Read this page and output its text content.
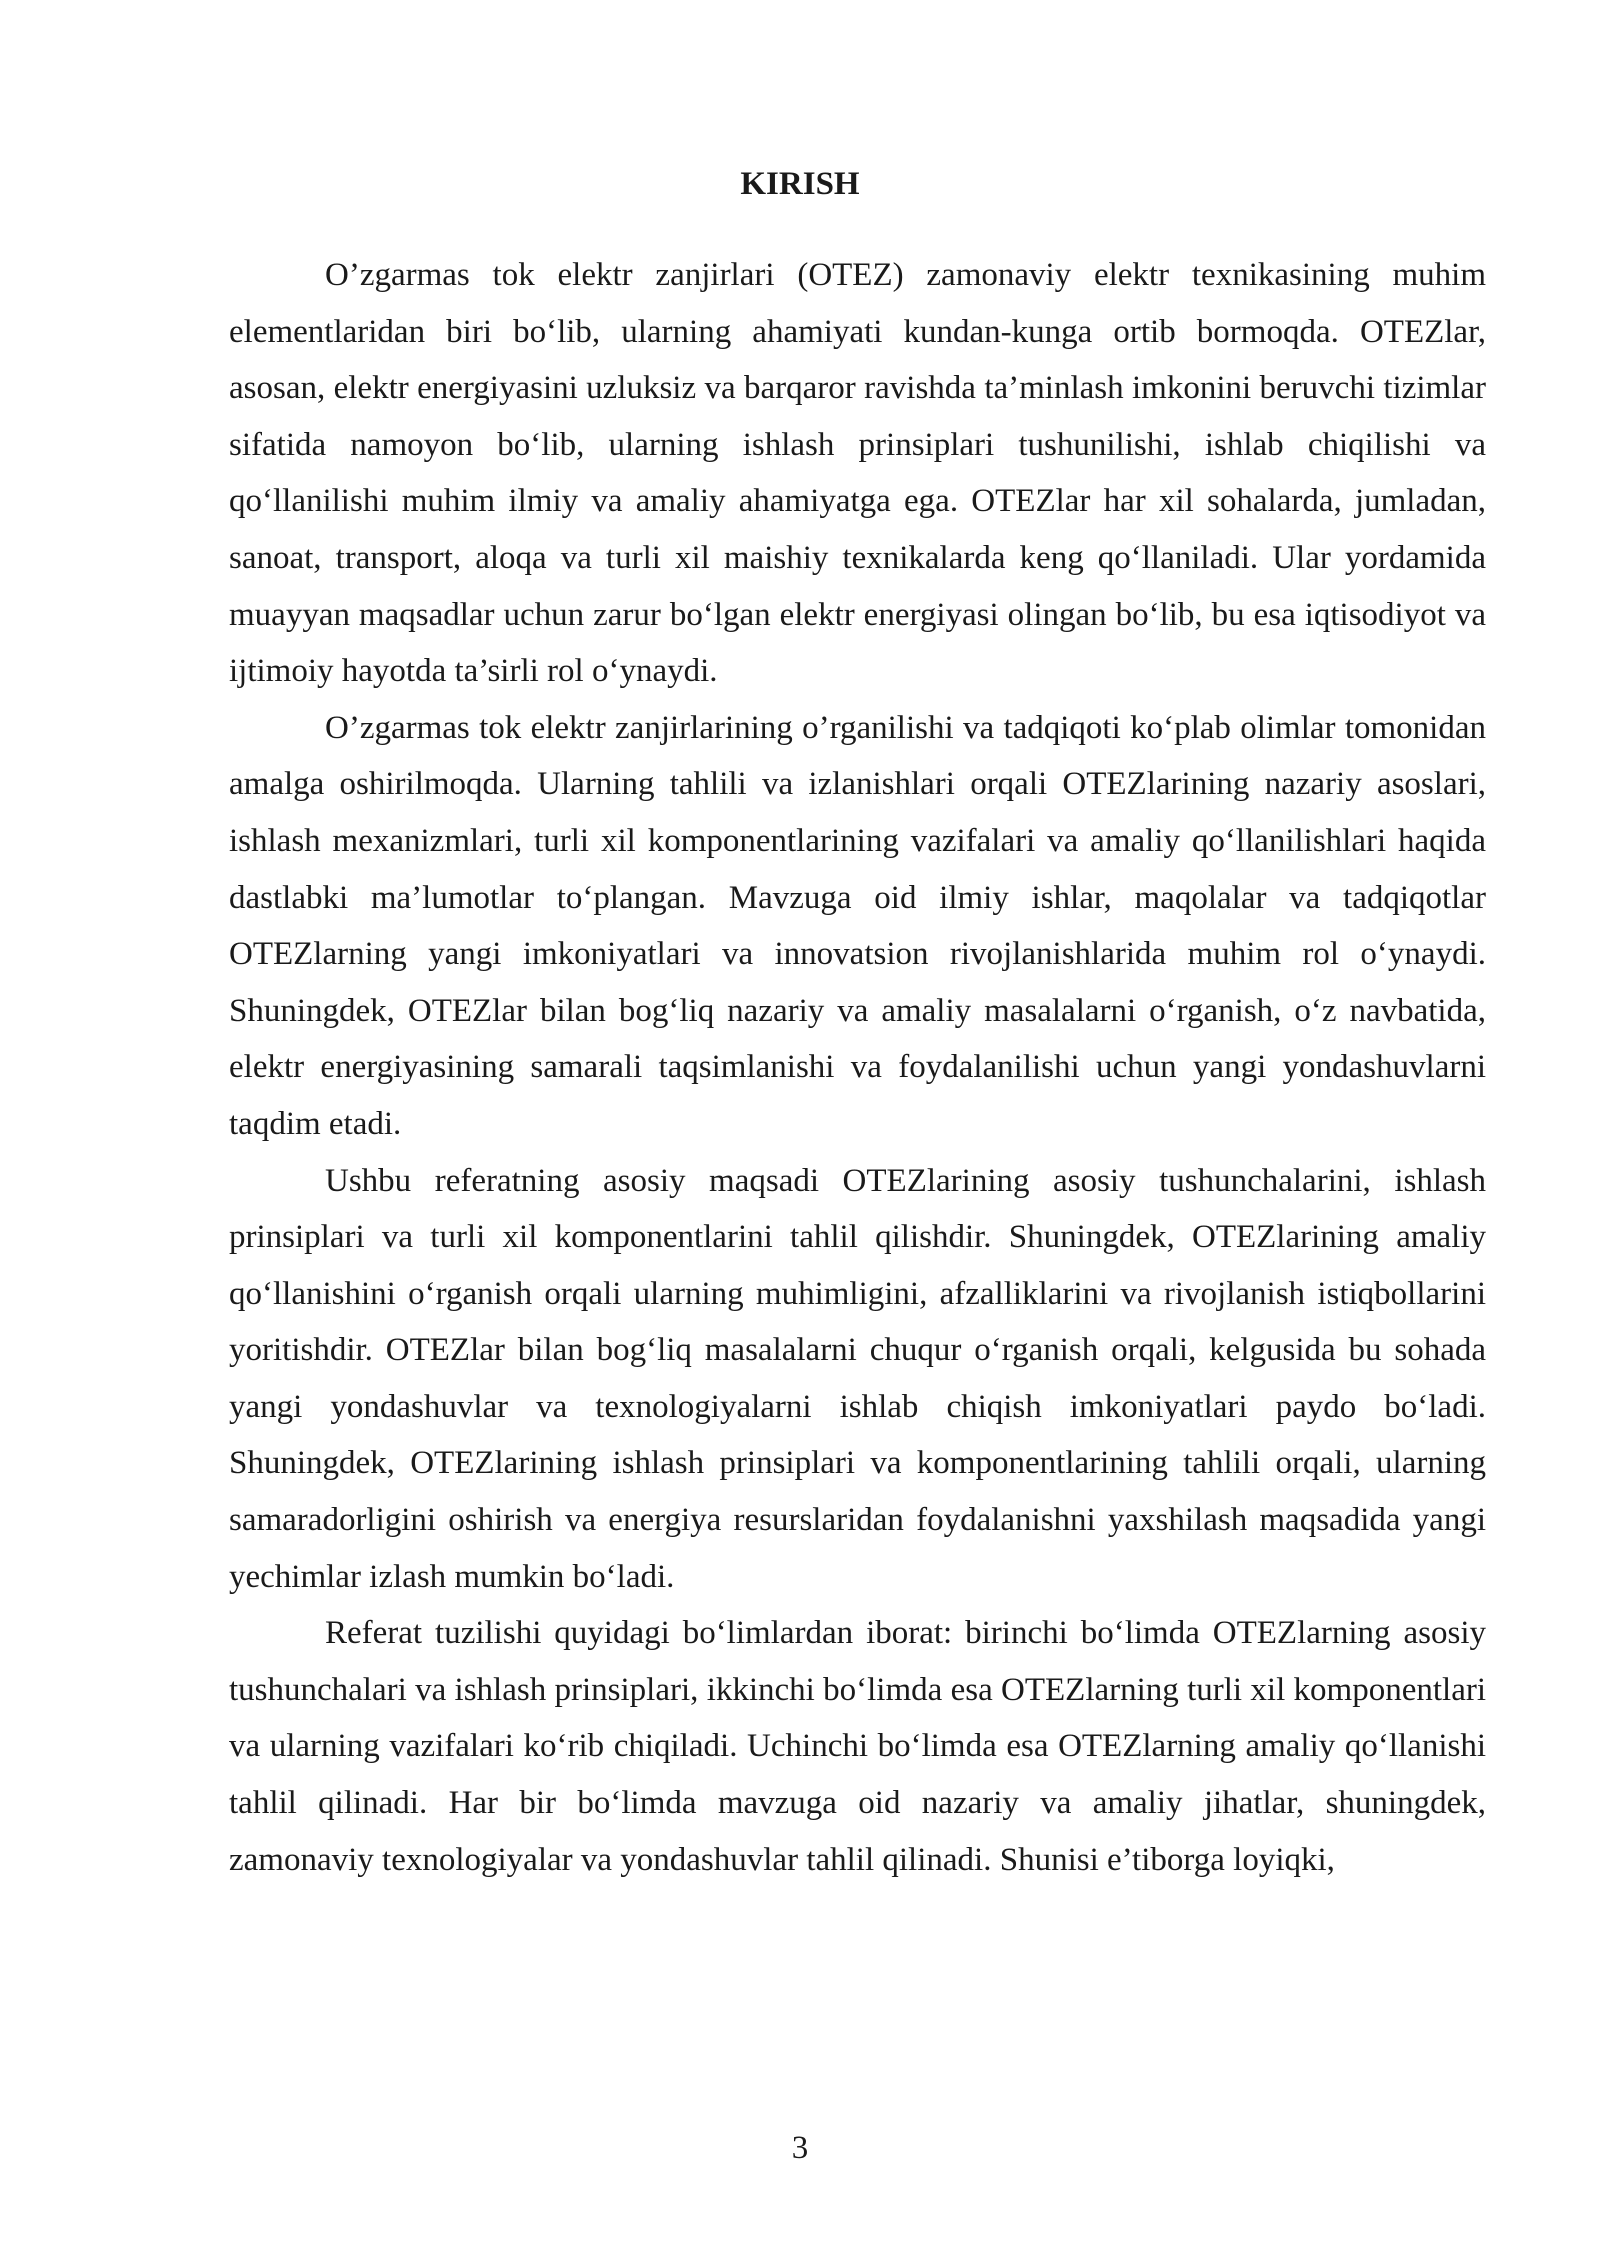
KIRISH

O’zgarmas tok elektr zanjirlari (OTEZ) zamonaviy elektr texnikasining muhim elementlaridan biri bo‘lib, ularning ahamiyati kundan-kunga ortib bormoqda. OTEZlar, asosan, elektr energiyasini uzluksiz va barqaror ravishda ta’minlash imkonini beruvchi tizimlar sifatida namoyon bo‘lib, ularning ishlash prinsiplari tushunilishi, ishlab chiqilishi va qo‘llanilishi muhim ilmiy va amaliy ahamiyatga ega. OTEZlar har xil sohalarda, jumladan, sanoat, transport, aloqa va turli xil maishiy texnikalarda keng qo‘llaniladi. Ular yordamida muayyan maqsadlar uchun zarur bo‘lgan elektr energiyasi olingan bo‘lib, bu esa iqtisodiyot va ijtimoiy hayotda ta’sirli rol o‘ynaydi.

O’zgarmas tok elektr zanjirlarining o’rganilishi va tadqiqoti ko‘plab olimlar tomonidan amalga oshirilmoqda. Ularning tahlili va izlanishlari orqali OTEZlarining nazariy asoslari, ishlash mexanizmlari, turli xil komponentlarining vazifalari va amaliy qo‘llanilishlari haqida dastlabki ma’lumotlar to‘plangan. Mavzuga oid ilmiy ishlar, maqolalar va tadqiqotlar OTEZlarning yangi imkoniyatlari va innovatsion rivojlanishlarida muhim rol o‘ynaydi. Shuningdek, OTEZlar bilan bog‘liq nazariy va amaliy masalalarni o‘rganish, o‘z navbatida, elektr energiyasining samarali taqsimlanishi va foydalanilishi uchun yangi yondashuvlarni taqdim etadi.

Ushbu referatning asosiy maqsadi OTEZlarining asosiy tushunchalarini, ishlash prinsiplari va turli xil komponentlarini tahlil qilishdir. Shuningdek, OTEZlarining amaliy qo‘llanishini o‘rganish orqali ularning muhimligini, afzalliklarini va rivojlanish istiqbollarini yoritishdir. OTEZlar bilan bog‘liq masalalarni chuqur o‘rganish orqali, kelgusida bu sohada yangi yondashuvlar va texnologiyalarni ishlab chiqish imkoniyatlari paydo bo‘ladi. Shuningdek, OTEZlarining ishlash prinsiplari va komponentlarining tahlili orqali, ularning samaradorligini oshirish va energiya resurslaridan foydalanishni yaxshilash maqsadida yangi yechimlar izlash mumkin bo‘ladi.

Referat tuzilishi quyidagi bo‘limlardan iborat: birinchi bo‘limda OTEZlarning asosiy tushunchalari va ishlash prinsiplari, ikkinchi bo‘limda esa OTEZlarning turli xil komponentlari va ularning vazifalari ko‘rib chiqiladi. Uchinchi bo‘limda esa OTEZlarning amaliy qo‘llanishi tahlil qilinadi. Har bir bo‘limda mavzuga oid nazariy va amaliy jihatlar, shuningdek, zamonaviy texnologiyalar va yondashuvlar tahlil qilinadi. Shunisi e’tiborga loyiqki,

3
